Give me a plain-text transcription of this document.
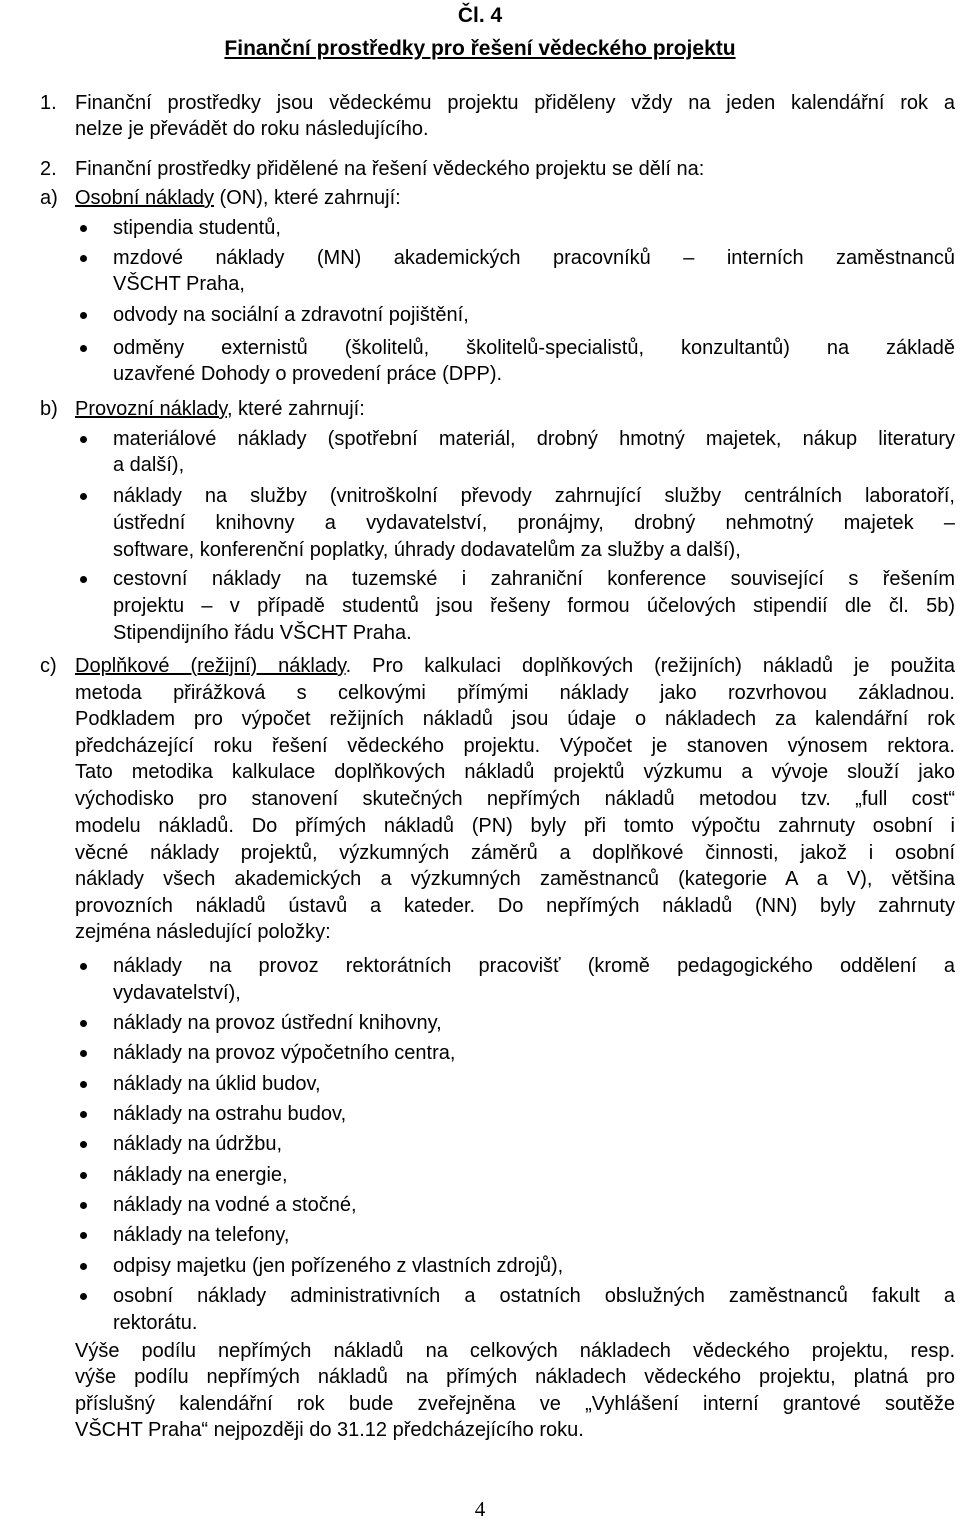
Čl. 4
Finanční prostředky pro řešení vědeckého projektu
1. Finanční prostředky jsou vědeckému projektu přiděleny vždy na jeden kalendářní rok a
nelze je převádět do roku následujícího.
2. Finanční prostředky přidělené na řešení vědeckého projektu se dělí na:
a) Osobní náklady (ON), které zahrnují:
stipendia studentů,
mzdové náklady (MN) akademických pracovníků – interních zaměstnanců
VŠCHT Praha,
odvody na sociální a zdravotní pojištění,
odměny externistů (školitelů, školitelů-specialistů, konzultantů) na základě
uzavřené Dohody o provedení práce (DPP).
b) Provozní náklady, které zahrnují:
materiálové náklady (spotřební materiál, drobný hmotný majetek, nákup literatury
a další),
náklady na služby (vnitroškolní převody zahrnující služby centrálních laboratoří,
ústřední knihovny a vydavatelství, pronájmy, drobný nehmotný majetek –
software, konferenční poplatky, úhrady dodavatelům za služby a další),
cestovní náklady na tuzemské i zahraniční konference související s řešením
projektu – v případě studentů jsou řešeny formou účelových stipendií dle čl. 5b)
Stipendijního řádu VŠCHT Praha.
c) Doplňkové (režijní) náklady. Pro kalkulaci doplňkových (režijních) nákladů je použita
metoda přirážková s celkovými přímými náklady jako rozvrhovou základnou.
Podkladem pro výpočet režijních nákladů jsou údaje o nákladech za kalendářní rok
předcházející roku řešení vědeckého projektu. Výpočet je stanoven výnosem rektora.
Tato metodika kalkulace doplňkových nákladů projektů výzkumu a vývoje slouží jako
východisko pro stanovení skutečných nepřímých nákladů metodou tzv. „full cost“
modelu nákladů. Do přímých nákladů (PN) byly při tomto výpočtu zahrnuty osobní i
věcné náklady projektů, výzkumných záměrů a doplňkové činnosti, jakož i osobní
náklady všech akademických a výzkumných zaměstnanců (kategorie A a V), většina
provozních nákladů ústavů a kateder. Do nepřímých nákladů (NN) byly zahrnuty
zejména následující položky:
náklady na provoz rektorátních pracovišť (kromě pedagogického oddělení a
vydavatelství),
náklady na provoz ústřední knihovny,
náklady na provoz výpočetního centra,
náklady na úklid budov,
náklady na ostrahu budov,
náklady na údržbu,
náklady na energie,
náklady na vodné a stočné,
náklady na telefony,
odpisy majetku (jen pořízeného z vlastních zdrojů),
osobní náklady administrativních a ostatních obslužných zaměstnanců fakult a
rektorátu.
Výše podílu nepřímých nákladů na celkových nákladech vědeckého projektu, resp.
výše podílu nepřímých nákladů na přímých nákladech vědeckého projektu, platná pro
příslušný kalendářní rok bude zveřejněna ve „Vyhlášení interní grantové soutěže
VŠCHT Praha“ nejpozději do 31.12 předcházejícího roku.
4
